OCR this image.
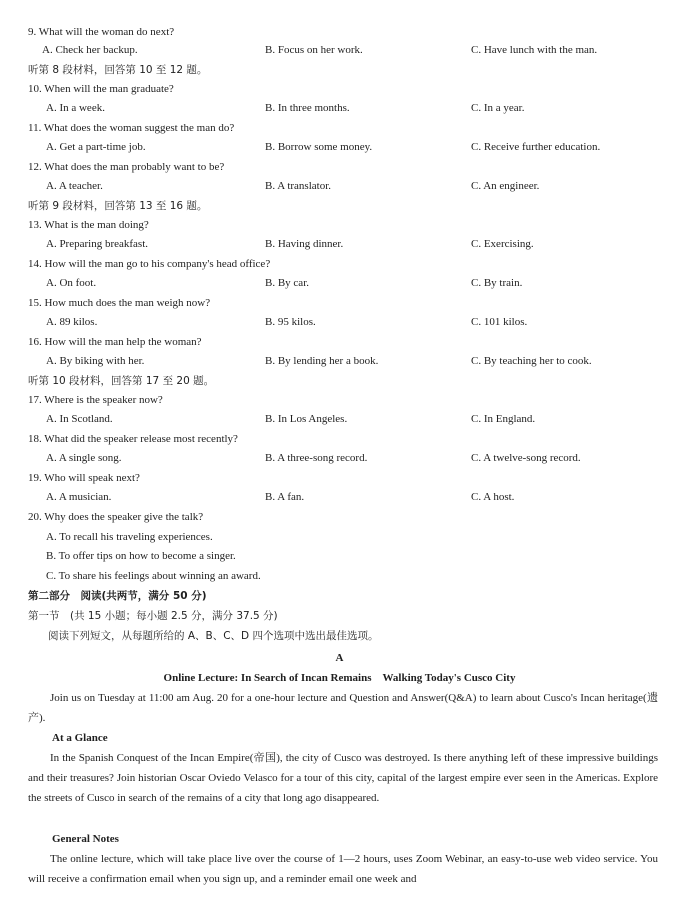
9. What will the woman do next?
A. Check her backup.	B. Focus on her work.	C. Have lunch with the man.
听第 8 段材料，回答第 10 至 12 题。
10. When will the man graduate?
A. In a week.	B. In three months.	C. In a year.
11. What does the woman suggest the man do?
A. Get a part-time job.	B. Borrow some money.	C. Receive further education.
12. What does the man probably want to be?
A. A teacher.	B. A translator.	C. An engineer.
听第 9 段材料，回答第 13 至 16 题。
13. What is the man doing?
A. Preparing breakfast.	B. Having dinner.	C. Exercising.
14. How will the man go to his company's head office?
A. On foot.	B. By car.	C. By train.
15. How much does the man weigh now?
A. 89 kilos.	B. 95 kilos.	C. 101 kilos.
16. How will the man help the woman?
A. By biking with her.	B. By lending her a book.	C. By teaching her to cook.
听第 10 段材料，回答第 17 至 20 题。
17. Where is the speaker now?
A. In Scotland.	B. In Los Angeles.	C. In England.
18. What did the speaker release most recently?
A. A single song.	B. A three-song record.	C. A twelve-song record.
19. Who will speak next?
A. A musician.	B. A fan.	C. A host.
20. Why does the speaker give the talk?
A. To recall his traveling experiences.
B. To offer tips on how to become a singer.
C. To share his feelings about winning an award.
第二部分　阅读(共两节，满分 50 分)
第一节　(共 15 小题；每小题 2.5 分，满分 37.5 分)
阅读下列短文，从每题所给的 A、B、C、D 四个选项中选出最佳选项。
A
Online Lecture: In Search of Incan Remains　Walking Today's Cusco City
Join us on Tuesday at 11:00 am Aug. 20 for a one-hour lecture and Question and Answer(Q&A) to learn about Cusco's Incan heritage(遗产).
At a Glance
In the Spanish Conquest of the Incan Empire(帝国), the city of Cusco was destroyed. Is there anything left of these impressive buildings and their treasures? Join historian Oscar Oviedo Velasco for a tour of this city, capital of the largest empire ever seen in the Americas. Explore the streets of Cusco in search of the remains of a city that long ago disappeared.
General Notes
The online lecture, which will take place live over the course of 1—2 hours, uses Zoom Webinar, an easy-to-use web video service. You will receive a confirmation email when you sign up, and a reminder email one week and
